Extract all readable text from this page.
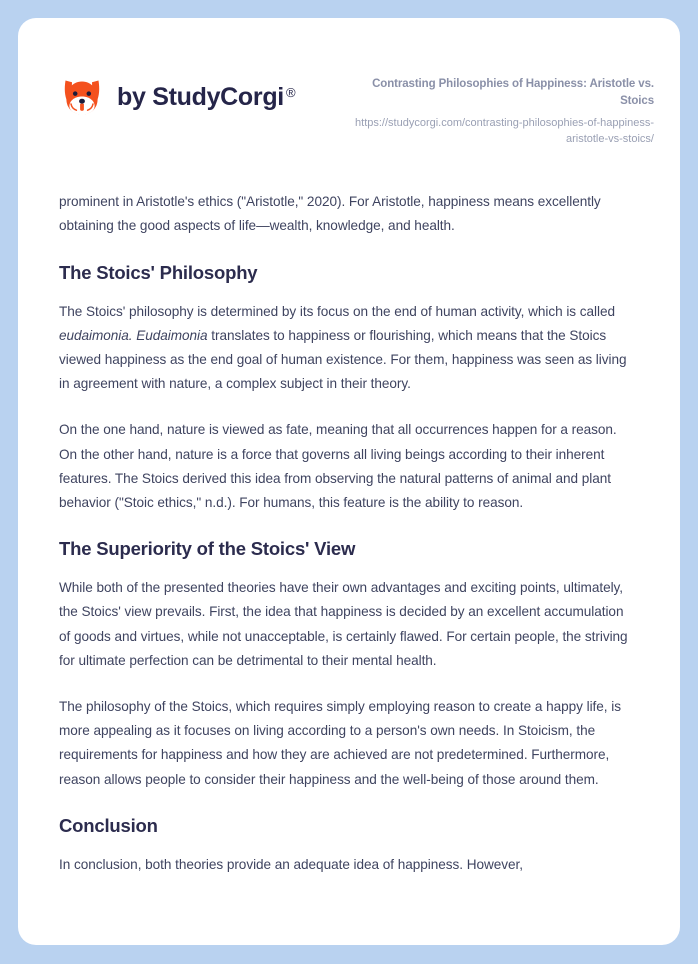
by StudyCorgi ®
Contrasting Philosophies of Happiness: Aristotle vs. Stoics
https://studycorgi.com/contrasting-philosophies-of-happiness-aristotle-vs-stoics/

prominent in Aristotle's ethics ("Aristotle," 2020). For Aristotle, happiness means excellently obtaining the good aspects of life—wealth, knowledge, and health.

The Stoics' Philosophy

The Stoics' philosophy is determined by its focus on the end of human activity, which is called eudaimonia. Eudaimonia translates to happiness or flourishing, which means that the Stoics viewed happiness as the end goal of human existence. For them, happiness was seen as living in agreement with nature, a complex subject in their theory.

On the one hand, nature is viewed as fate, meaning that all occurrences happen for a reason. On the other hand, nature is a force that governs all living beings according to their inherent features. The Stoics derived this idea from observing the natural patterns of animal and plant behavior ("Stoic ethics," n.d.). For humans, this feature is the ability to reason.

The Superiority of the Stoics' View

While both of the presented theories have their own advantages and exciting points, ultimately, the Stoics' view prevails. First, the idea that happiness is decided by an excellent accumulation of goods and virtues, while not unacceptable, is certainly flawed. For certain people, the striving for ultimate perfection can be detrimental to their mental health.

The philosophy of the Stoics, which requires simply employing reason to create a happy life, is more appealing as it focuses on living according to a person's own needs. In Stoicism, the requirements for happiness and how they are achieved are not predetermined. Furthermore, reason allows people to consider their happiness and the well-being of those around them.

Conclusion

In conclusion, both theories provide an adequate idea of happiness. However,
